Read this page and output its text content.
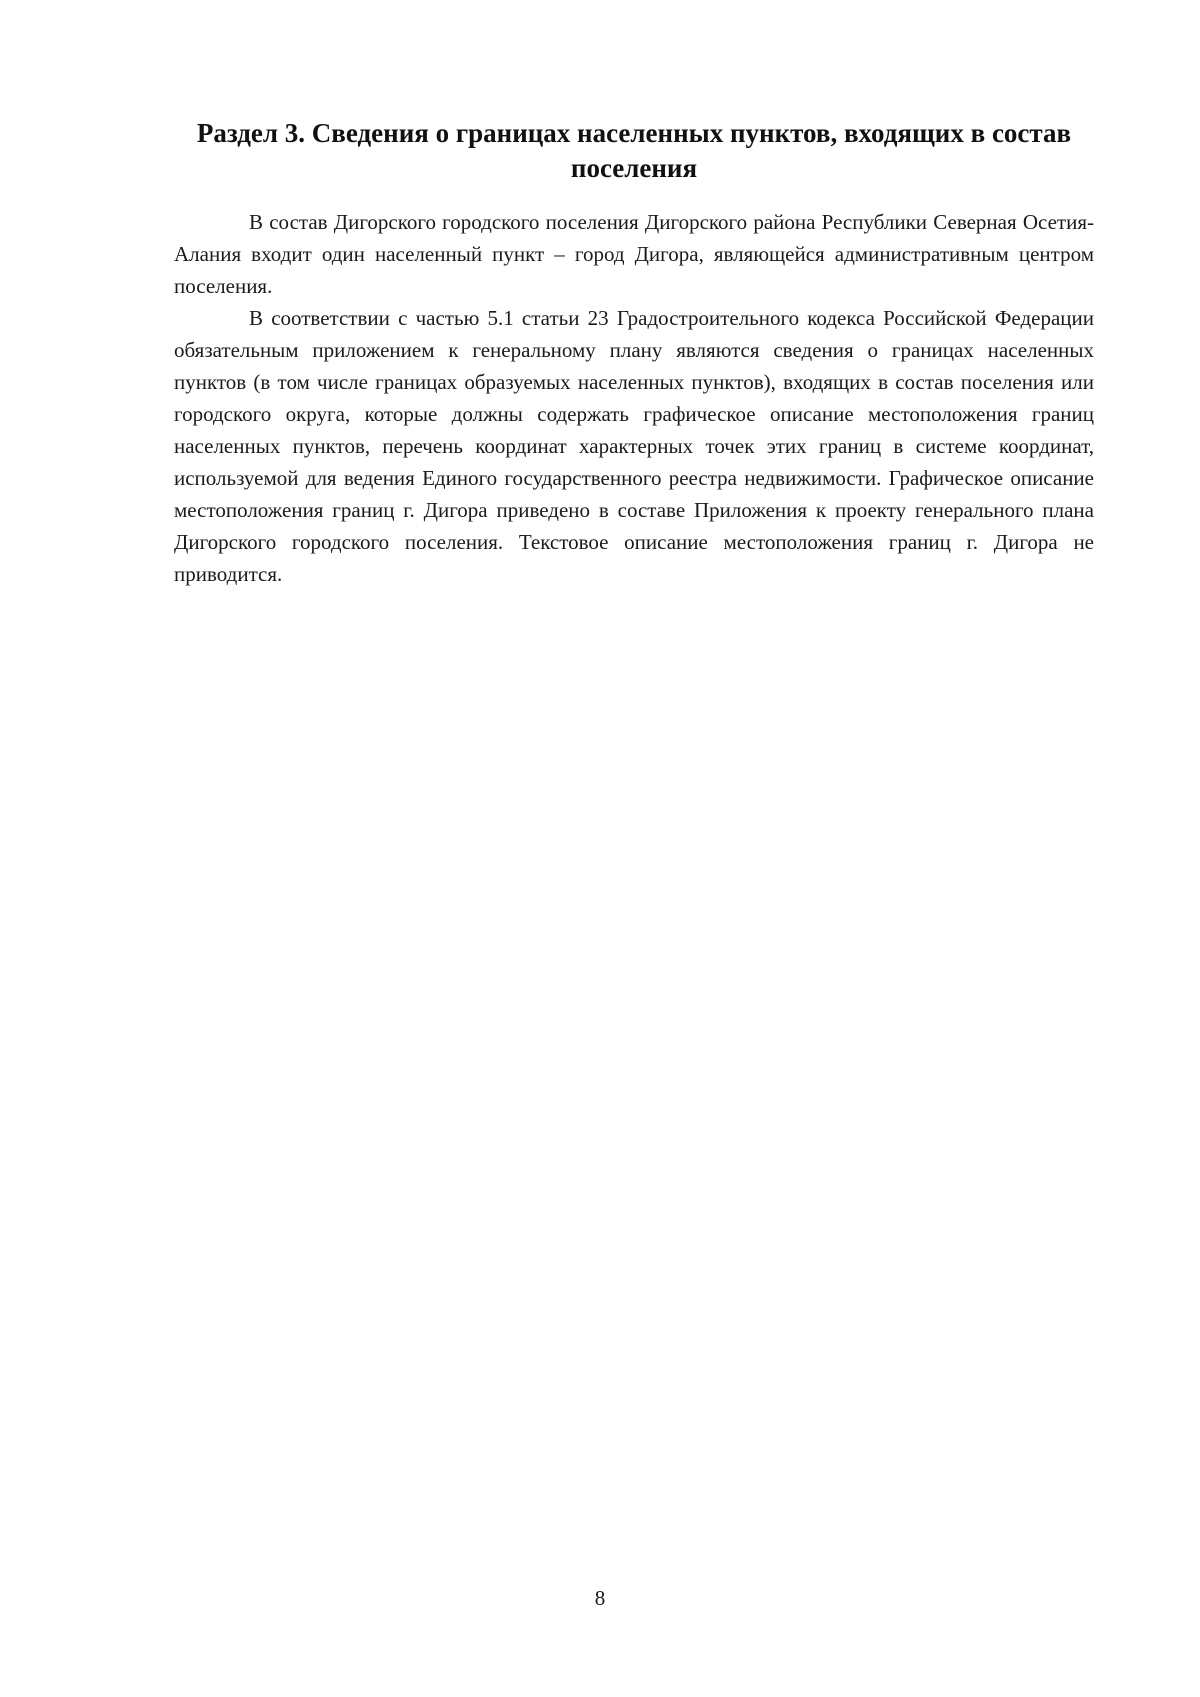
Раздел 3. Сведения о границах населенных пунктов, входящих в состав поселения

В состав Дигорского городского поселения Дигорского района Республики Северная Осетия-Алания входит один населенный пункт – город Дигора, являющейся административным центром поселения.

В соответствии с частью 5.1 статьи 23 Градостроительного кодекса Российской Федерации обязательным приложением к генеральному плану являются сведения о границах населенных пунктов (в том числе границах образуемых населенных пунктов), входящих в состав поселения или городского округа, которые должны содержать графическое описание местоположения границ населенных пунктов, перечень координат характерных точек этих границ в системе координат, используемой для ведения Единого государственного реестра недвижимости. Графическое описание местоположения границ г. Дигора приведено в составе Приложения к проекту генерального плана Дигорского городского поселения. Текстовое описание местоположения границ г. Дигора не приводится.

8
